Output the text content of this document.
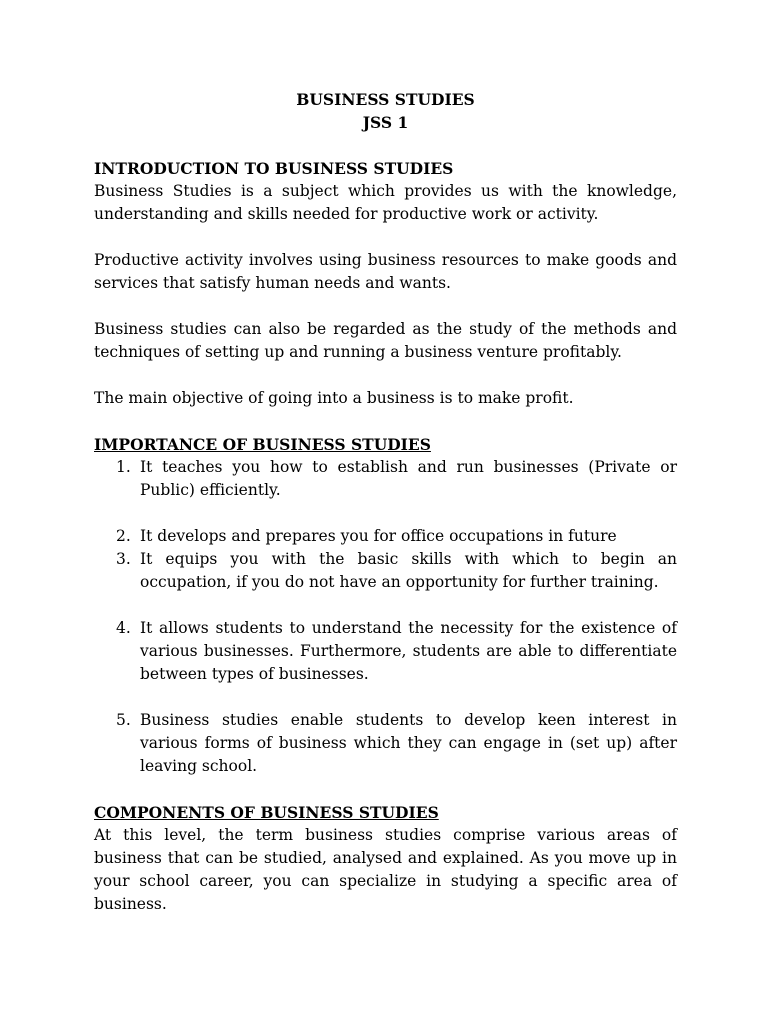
BUSINESS STUDIES

JSS 1

INTRODUCTION TO BUSINESS STUDIES

Business Studies is a subject which provides us with the knowledge, understanding and skills needed for productive work or activity.

Productive activity involves using business resources to make goods and services that satisfy human needs and wants.

Business studies can also be regarded as the study of the methods and techniques of setting up and running a business venture profitably.

The main objective of going into a business is to make profit.

IMPORTANCE OF BUSINESS STUDIES

1. It teaches you how to establish and run businesses (Private or Public) efficiently.
2. It develops and prepares you for office occupations in future
3. It equips you with the basic skills with which to begin an occupation, if you do not have an opportunity for further training.
4. It allows students to understand the necessity for the existence of various businesses. Furthermore, students are able to differentiate between types of businesses.
5. Business studies enable students to develop keen interest in various forms of business which they can engage in (set up) after leaving school.

COMPONENTS OF BUSINESS STUDIES

At this level, the term business studies comprise various areas of business that can be studied, analysed and explained. As you move up in your school career, you can specialize in studying a specific area of business.
